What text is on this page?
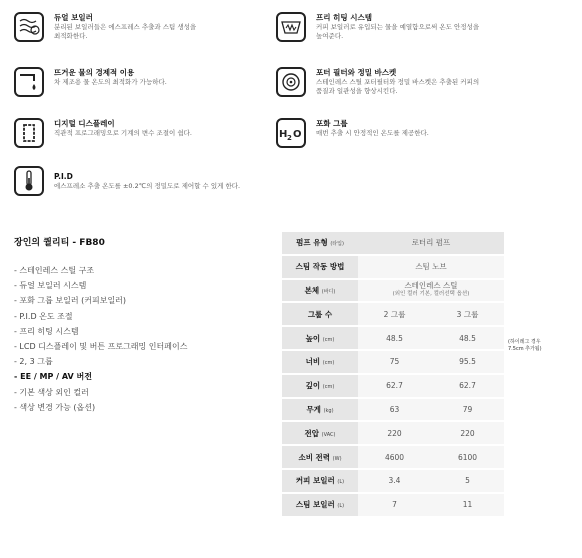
듀얼 보일러
분리된 보일러들은 에스프레스 추출과 스팀 생성을
최적화한다.
프리 히팅 시스템
커피 보일러로 유입되는 물을 예열함으로써 온도 안정성을
높여준다.
뜨거운 물의 경제적 이용
차 제조용 물 온도의 최적화가 가능하다.
포터 필터와 정밀 바스켓
스테인레스 스틸 포터필터와 정밀 바스켓은 추출된 커피의
품질과 일관성을 향상시킨다.
디지털 디스플레이
직관적 프로그래밍으로 기계의 변수 조절이 쉽다.	H 2 O
포화 그룹
매번 추출 시 안정적인 온도를 제공한다.
P.I.D
에스프레소 추출 온도를 ±0.2℃의 정밀도로 제어할 수 있게 한다.
장인의 퀄리티 - FB80
- 스테인레스 스틸 구조
- 듀얼 보일러 시스템
- 포화 그룹 보일러 (커피보일러)
- P.I.D 온도 조절
- 프리 히팅 시스템
- LCD 디스플레이 및 버튼 프로그래밍 인터페이스
- 2, 3 그룹
- EE / MP / AV 버전
- 기본 색상 외인 컬러
- 색상 변경 가능 (옵션)
펌프 유형 (타입)	로터리 펌프	
스팀 작동 방법	스팀 노브	
본체 (바디)	스테인레스 스틸
(외인 컬러 기본, 컬러선택 옵션)	

그룹 수	2 그룹	3 그룹
높이 (cm)	48.5	48.5
너비 (cm)	75	95.5
깊이 (cm)	62.7	62.7
무게 (kg)	63	79
전압 (VAC)	220	220
소비 전력 (W)	4600	6100
커피 보일러 (L)	3.4	5
스팀 보일러 (L)	7	11
(하이레그 경우
7.5cm 추가됨)
